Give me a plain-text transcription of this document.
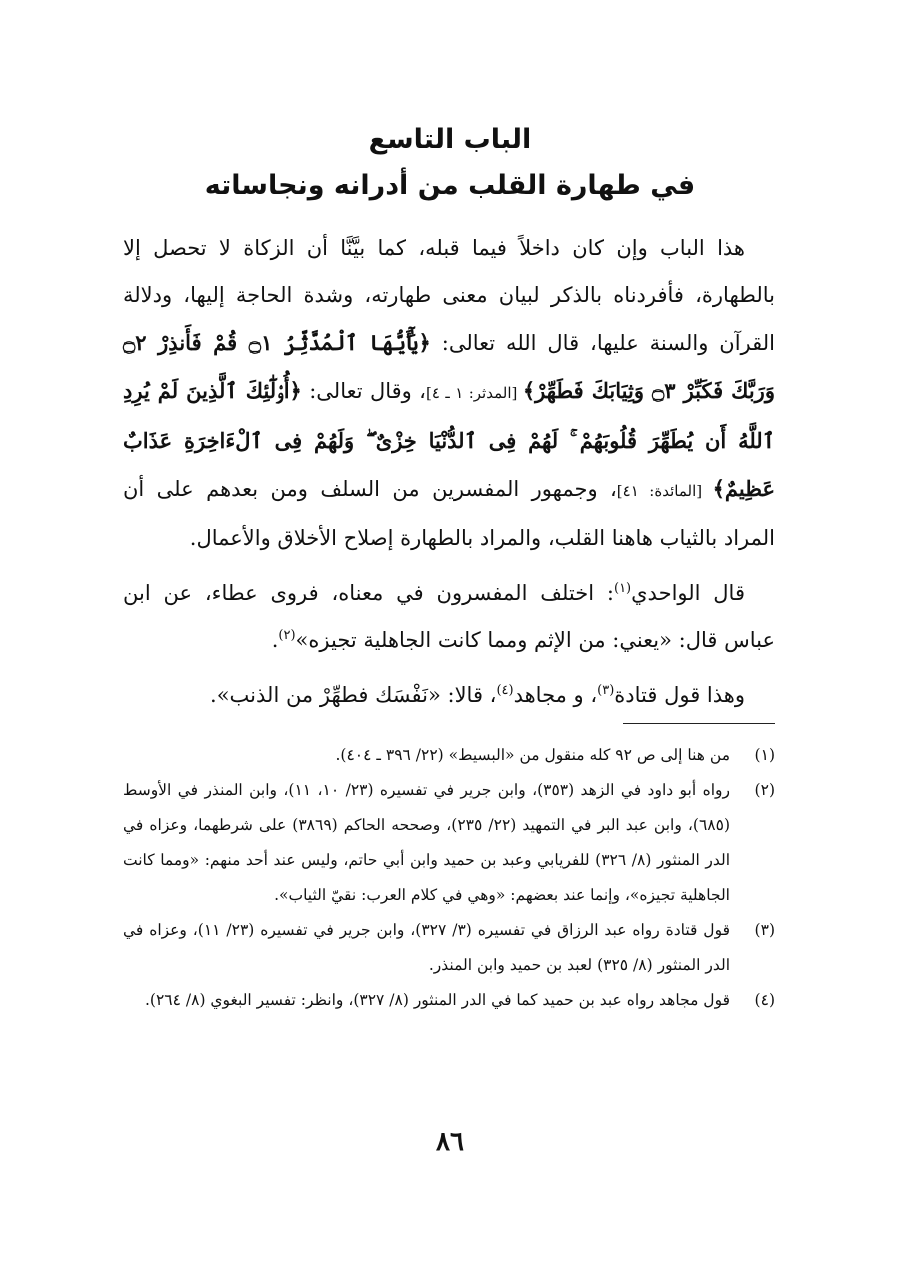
الباب التاسع
في طهارة القلب من أدرانه ونجاساته

هذا الباب وإن كان داخلاً فيما قبله، كما بيَّنَّا أن الزكاة لا تحصل إلا بالطهارة، فأفردناه بالذكر لبيان معنى طهارته، وشدة الحاجة إليها، ودلالة القرآن والسنة عليها، قال الله تعالى: ﴿يَٰٓأَيُّهَا ٱلْمُدَّثِّرُ ۝١ قُمْ فَأَنذِرْ ۝٢ وَرَبَّكَ فَكَبِّرْ ۝٣ وَثِيَابَكَ فَطَهِّرْ﴾ [المدثر: ١ ـ ٤]، وقال تعالى: ﴿أُو۟لَٰٓئِكَ ٱلَّذِينَ لَمْ يُرِدِ ٱللَّهُ أَن يُطَهِّرَ قُلُوبَهُمْ ۚ لَهُمْ فِى ٱلدُّنْيَا خِزْىٌ ۖ وَلَهُمْ فِى ٱلْءَاخِرَةِ عَذَابٌ عَظِيمٌ﴾ [المائدة: ٤١]، وجمهور المفسرين من السلف ومن بعدهم على أن المراد بالثياب هاهنا القلب، والمراد بالطهارة إصلاح الأخلاق والأعمال.

قال الواحدي$^{(١)}$: اختلف المفسرون في معناه، فروى عطاء، عن ابن عباس قال: «يعني: من الإثم ومما كانت الجاهلية تجيزه»$^{(٢)}$.

وهذا قول قتادة$^{(٣)}$، و مجاهد$^{(٤)}$، قالا: «نَفْسَك فطهِّرْ من الذنب».

(١)
من هنا إلى ص ٩٢ كله منقول من «البسيط» (٢٢/ ٣٩٦ ـ ٤٠٤).

(٢)
رواه أبو داود في الزهد (٣٥٣)، وابن جرير في تفسيره (٢٣/ ١٠، ١١)، وابن المنذر في الأوسط (٦٨٥)، وابن عبد البر في التمهيد (٢٢/ ٢٣٥)، وصححه الحاكم (٣٨٦٩) على شرطهما، وعزاه في الدر المنثور (٨/ ٣٢٦) للفريابي وعبد بن حميد وابن أبي حاتم، وليس عند أحد منهم: «ومما كانت الجاهلية تجيزه»، وإنما عند بعضهم: «وهي في كلام العرب: نقيّ الثياب».

(٣)
قول قتادة رواه عبد الرزاق في تفسيره (٣/ ٣٢٧)، وابن جرير في تفسيره (٢٣/ ١١)، وعزاه في الدر المنثور (٨/ ٣٢٥) لعبد بن حميد وابن المنذر.

(٤)
قول مجاهد رواه عبد بن حميد كما في الدر المنثور (٨/ ٣٢٧)، وانظر: تفسير البغوي (٨/ ٢٦٤).

٨٦
